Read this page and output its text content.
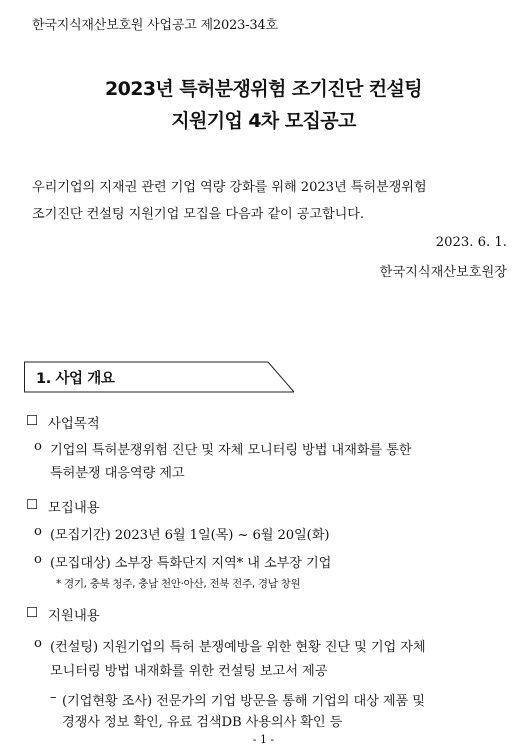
한국지식재산보호원 사업공고 제2023-34호
2023년 특허분쟁위험 조기진단 컨설팅
지원기업 4차 모집공고
우리기업의 지재권 관련 기업 역량 강화를 위해 2023년 특허분쟁위험
조기진단 컨설팅 지원기업 모집을 다음과 같이 공고합니다.
2023. 6. 1.
한국지식재산보호원장
1. 사업 개요
☐ 사업목적
o 기업의 특허분쟁위험 진단 및 자체 모니터링 방법 내재화를 통한
특허분쟁 대응역량 제고
☐ 모집내용
o (모집기간) 2023년 6월 1일(목) ~ 6월 20일(화)
o (모집대상) 소부장 특화단지 지역* 내 소부장 기업
* 경기, 충북 청주, 충남 천안·아산, 전북 전주, 경남 창원
☐ 지원내용
o (컨설팅) 지원기업의 특허 분쟁예방을 위한 현황 진단 및 기업 자체
모니터링 방법 내재화를 위한 컨설팅 보고서 제공
– (기업현황 조사) 전문가의 기업 방문을 통해 기업의 대상 제품 및
경쟁사 정보 확인, 유료 검색DB 사용의사 확인 등
- 1 -
